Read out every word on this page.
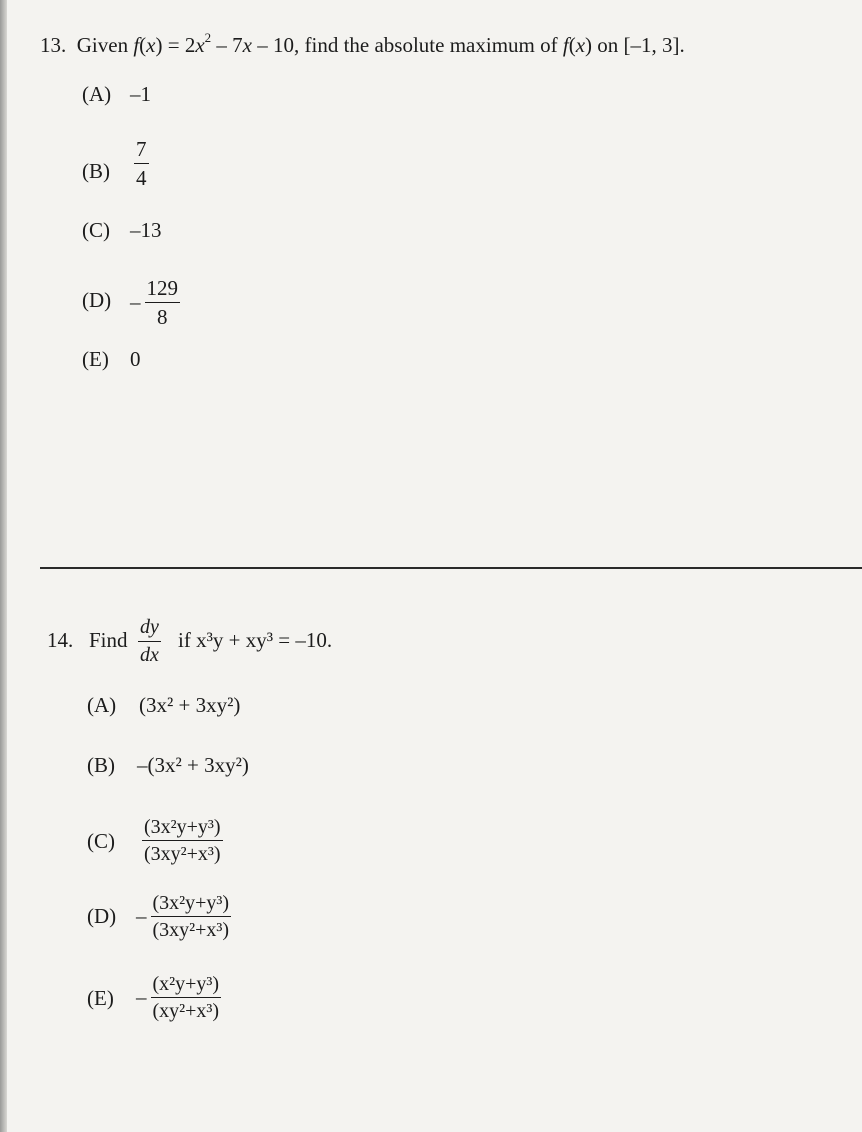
13. Given $f(x) = 2x^2 - 7x - 10$, find the absolute maximum of f(x) on [–1, 3].
(A) –1
$(B) \frac{7}{4}$
(C) –13
$(D) - \frac{129}{8}$
(E) 0
14. Find $\frac{dy}{dx}$ if x³y + xy³ = –10.
(A) (3x² + 3xy²)
(B) –(3x² + 3xy²)
$(C) \frac{\text{(3x²y+y³)}}{\text{(3xy²+x³)}}$
$(D) - \frac{\text{(3x²y+y³)}}{\text{(3xy²+x³)}}$
$(E) - \frac{\text{(x²y+y³)}}{\text{(xy²+x³)}}$
